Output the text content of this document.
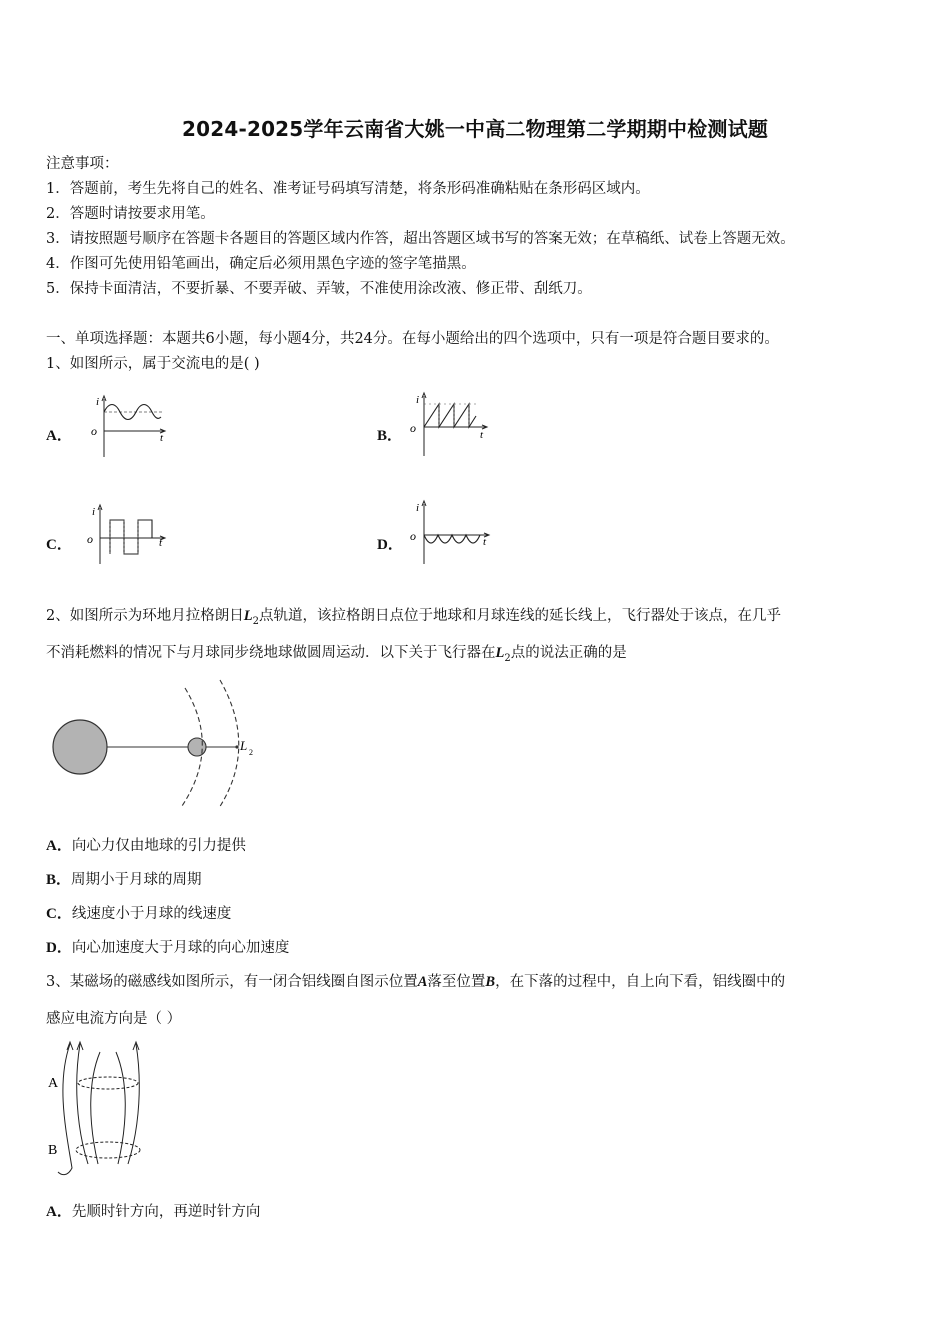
2024-2025学年云南省大姚一中高二物理第二学期期中检测试题
注意事项：
1．答题前，考生先将自己的姓名、准考证号码填写清楚，将条形码准确粘贴在条形码区域内。
2．答题时请按要求用笔。
3．请按照题号顺序在答题卡各题目的答题区域内作答，超出答题区域书写的答案无效；在草稿纸、试卷上答题无效。
4．作图可先使用铅笔画出，确定后必须用黑色字迹的签字笔描黑。
5．保持卡面清洁，不要折暴、不要弄破、弄皱，不准使用涂改液、修正带、刮纸刀。
一、单项选择题：本题共6小题，每小题4分，共24分。在每小题给出的四个选项中，只有一项是符合题目要求的。
1、如图所示，属于交流电的是( )
A．
i
o	t	B．
i
o	t
C．
i
o	t	D．
i
o	t
2、如图所示为环地月拉格朗日$L_2$点轨道，该拉格朗日点位于地球和月球连线的延长线上，飞行器处于该点，在几乎
不消耗燃料的情况下与月球同步绕地球做圆周运动．以下关于飞行器在$L_2$点的说法正确的是
L 2
A．向心力仅由地球的引力提供
B．周期小于月球的周期
C．线速度小于月球的线速度
D．向心加速度大于月球的向心加速度
3、某磁场的磁感线如图所示，有一闭合铝线圈自图示位置A落至位置B，在下落的过程中，自上向下看，铝线圈中的
感应电流方向是（ ）
A
B
A．先顺时针方向，再逆时针方向
